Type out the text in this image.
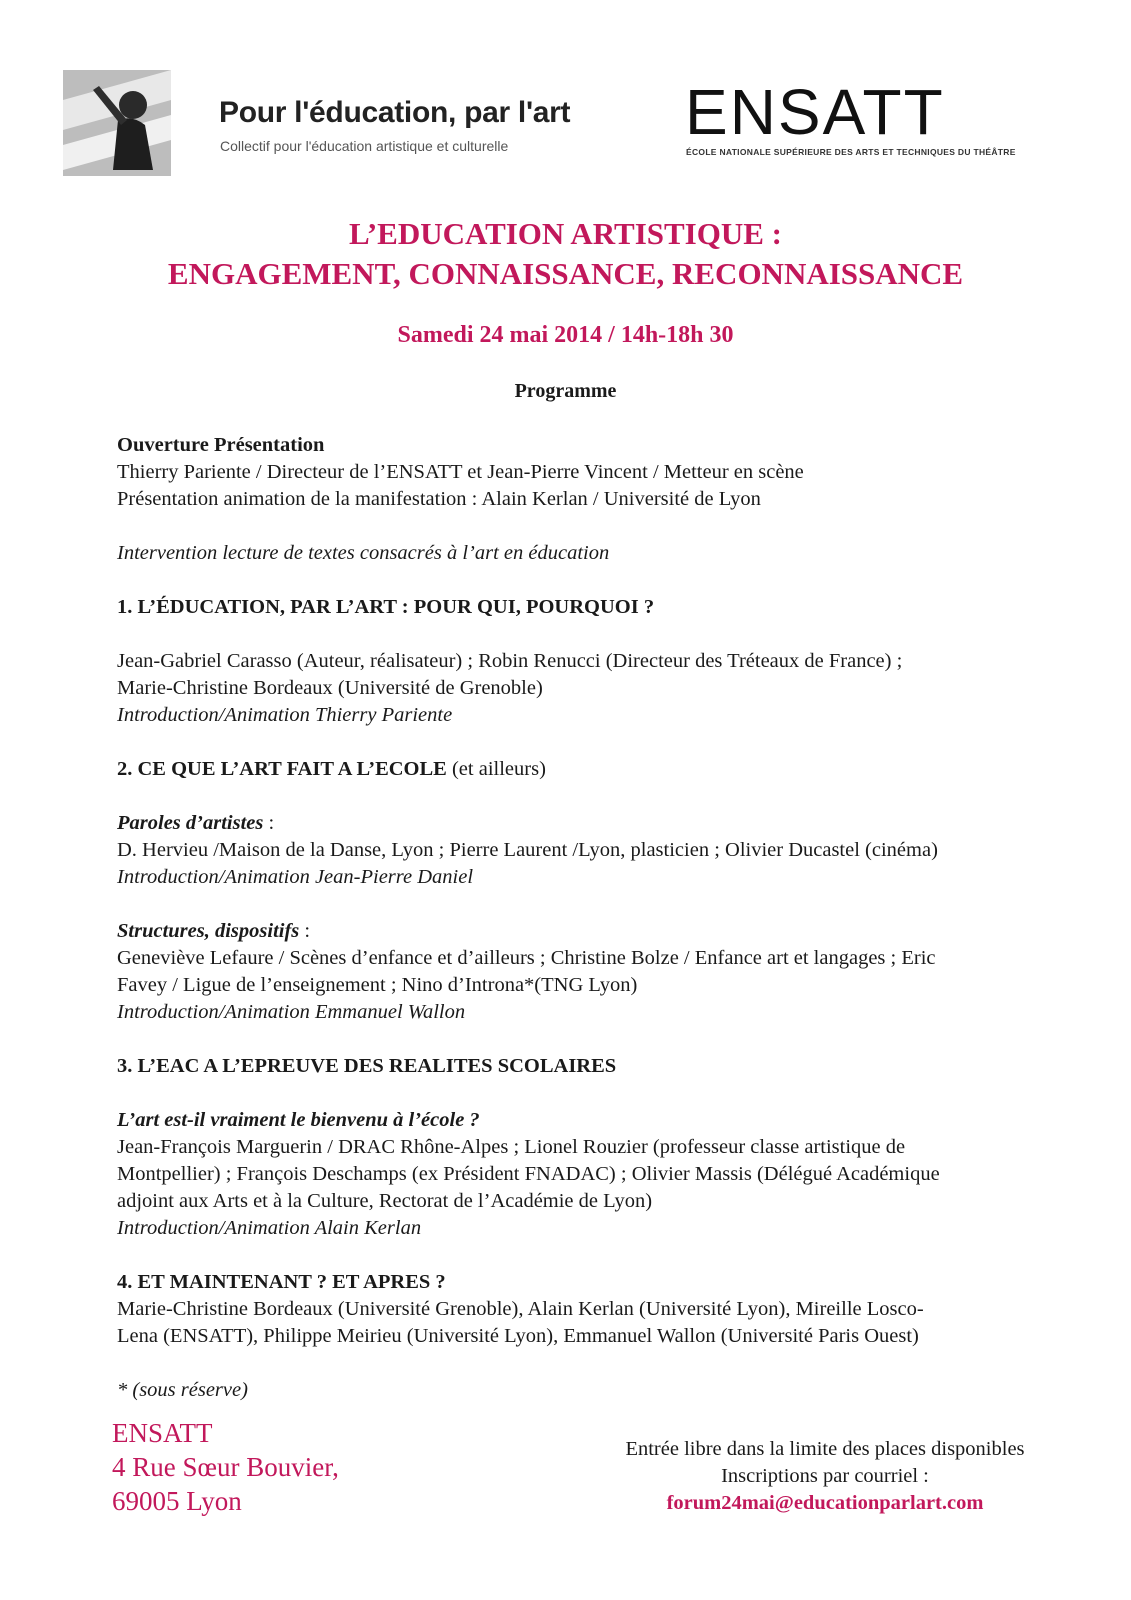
Pour l'éducation, par l'art
Collectif pour l'éducation artistique et culturelle	ENSATT
ÉCOLE NATIONALE SUPÉRIEURE DES ARTS ET TECHNIQUES DU THÉÂTRE
L’EDUCATION ARTISTIQUE :
ENGAGEMENT, CONNAISSANCE, RECONNAISSANCE
Samedi 24 mai 2014 / 14h-18h 30
Programme

Ouverture Présentation

Thierry Pariente / Directeur de l’ENSATT et Jean-Pierre Vincent / Metteur en scène

Présentation animation de la manifestation : Alain Kerlan / Université de Lyon

Intervention lecture de textes consacrés à l’art en éducation

1. L’ÉDUCATION, PAR L’ART : POUR QUI, POURQUOI ?

Jean-Gabriel Carasso (Auteur, réalisateur) ; Robin Renucci (Directeur des Tréteaux de France) ;

Marie-Christine Bordeaux (Université de Grenoble)

Introduction/Animation Thierry Pariente

2. CE QUE L’ART FAIT A L’ECOLE (et ailleurs)

Paroles d’artistes :

D. Hervieu /Maison de la Danse, Lyon ; Pierre Laurent /Lyon, plasticien ; Olivier Ducastel (cinéma)

Introduction/Animation Jean-Pierre Daniel

Structures, dispositifs :

Geneviève Lefaure / Scènes d’enfance et d’ailleurs ; Christine Bolze / Enfance art et langages ; Eric

Favey / Ligue de l’enseignement ; Nino d’Introna*(TNG Lyon)

Introduction/Animation Emmanuel Wallon

3. L’EAC A L’EPREUVE DES REALITES SCOLAIRES

L’art est-il vraiment le bienvenu à l’école ?

Jean-François Marguerin / DRAC Rhône-Alpes ; Lionel Rouzier (professeur classe artistique de

Montpellier) ; François Deschamps (ex Président FNADAC) ; Olivier Massis (Délégué Académique

adjoint aux Arts et à la Culture, Rectorat de l’Académie de Lyon)

Introduction/Animation Alain Kerlan

4. ET MAINTENANT ? ET APRES ?

Marie-Christine Bordeaux (Université Grenoble), Alain Kerlan (Université Lyon), Mireille Losco-

Lena (ENSATT), Philippe Meirieu (Université Lyon), Emmanuel Wallon (Université Paris Ouest)

* (sous réserve)

ENSATT
4 Rue Sœur Bouvier,
69005 Lyon
Entrée libre dans la limite des places disponibles
Inscriptions par courriel :
forum24mai@educationparlart.com
